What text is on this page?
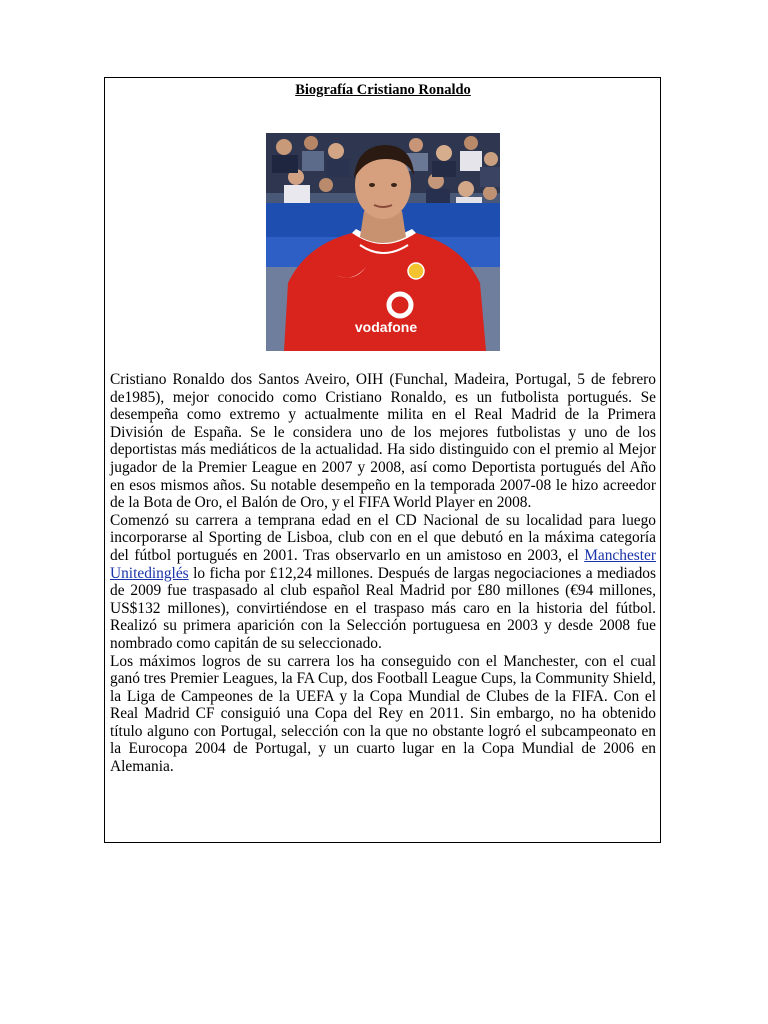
Biografía Cristiano Ronaldo
vodafone

Cristiano Ronaldo dos Santos Aveiro, OIH (Funchal, Madeira, Portugal, 5 de febrero de1985), mejor conocido como Cristiano Ronaldo, es un futbolista portugués. Se desempeña como extremo y actualmente milita en el Real Madrid de la Primera División de España. Se le considera uno de los mejores futbolistas y uno de los deportistas más mediáticos de la actualidad. Ha sido distinguido con el premio al Mejor jugador de la Premier League en 2007 y 2008, así como Deportista portugués del Año en esos mismos años. Su notable desempeño en la temporada 2007-08 le hizo acreedor de la Bota de Oro, el Balón de Oro, y el FIFA World Player en 2008.

Comenzó su carrera a temprana edad en el CD Nacional de su localidad para luego incorporarse al Sporting de Lisboa, club con en el que debutó en la máxima categoría del fútbol portugués en 2001. Tras observarlo en un amistoso en 2003, el Manchester Unitedinglés lo ficha por £12,24 millones. Después de largas negociaciones a mediados de 2009 fue traspasado al club español Real Madrid por £80 millones (€94 millones, US$132 millones), convirtiéndose en el traspaso más caro en la historia del fútbol. Realizó su primera aparición con la Selección portuguesa en 2003 y desde 2008 fue nombrado como capitán de su seleccionado.

Los máximos logros de su carrera los ha conseguido con el Manchester, con el cual ganó tres Premier Leagues, la FA Cup, dos Football League Cups, la Community Shield, la Liga de Campeones de la UEFA y la Copa Mundial de Clubes de la FIFA. Con el Real Madrid CF consiguió una Copa del Rey en 2011. Sin embargo, no ha obtenido título alguno con Portugal, selección con la que no obstante logró el subcampeonato en la Eurocopa 2004 de Portugal, y un cuarto lugar en la Copa Mundial de 2006 en Alemania.
